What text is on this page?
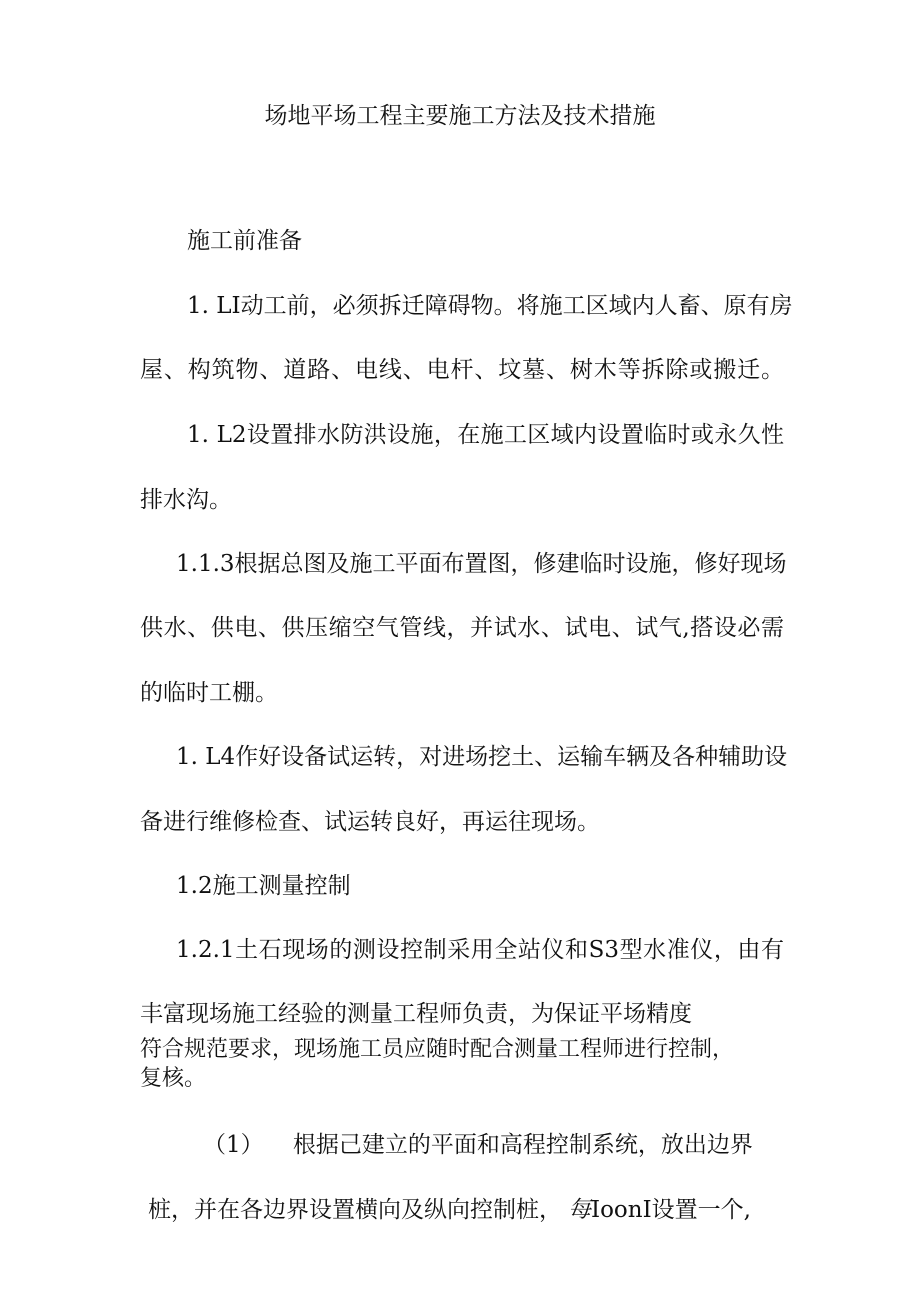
场地平场工程主要施工方法及技术措施
施工前准备
1. LI动工前，必须拆迁障碍物。将施工区域内人畜、原有房
屋、构筑物、道路、电线、电杆、坟墓、树木等拆除或搬迁。
1. L2设置排水防洪设施，在施工区域内设置临时或永久性
排水沟。
1.1.3根据总图及施工平面布置图，修建临时设施，修好现场
供水、供电、供压缩空气管线，并试水、试电、试气,搭设必需
的临时工棚。
1. L4作好设备试运转，对进场挖土、运输车辆及各种辅助设
备进行维修检查、试运转良好，再运往现场。
1.2施工测量控制
1.2.1土石现场的测设控制采用全站仪和S3型水准仪，由有
丰富现场施工经验的测量工程师负责，为保证平场精度
符合规范要求，现场施工员应随时配合测量工程师进行控制，
复核。
（1）    根据己建立的平面和高程控制系统，放出边界
桩，并在各边界设置横向及纵向控制桩， 每IoonI设置一个,
